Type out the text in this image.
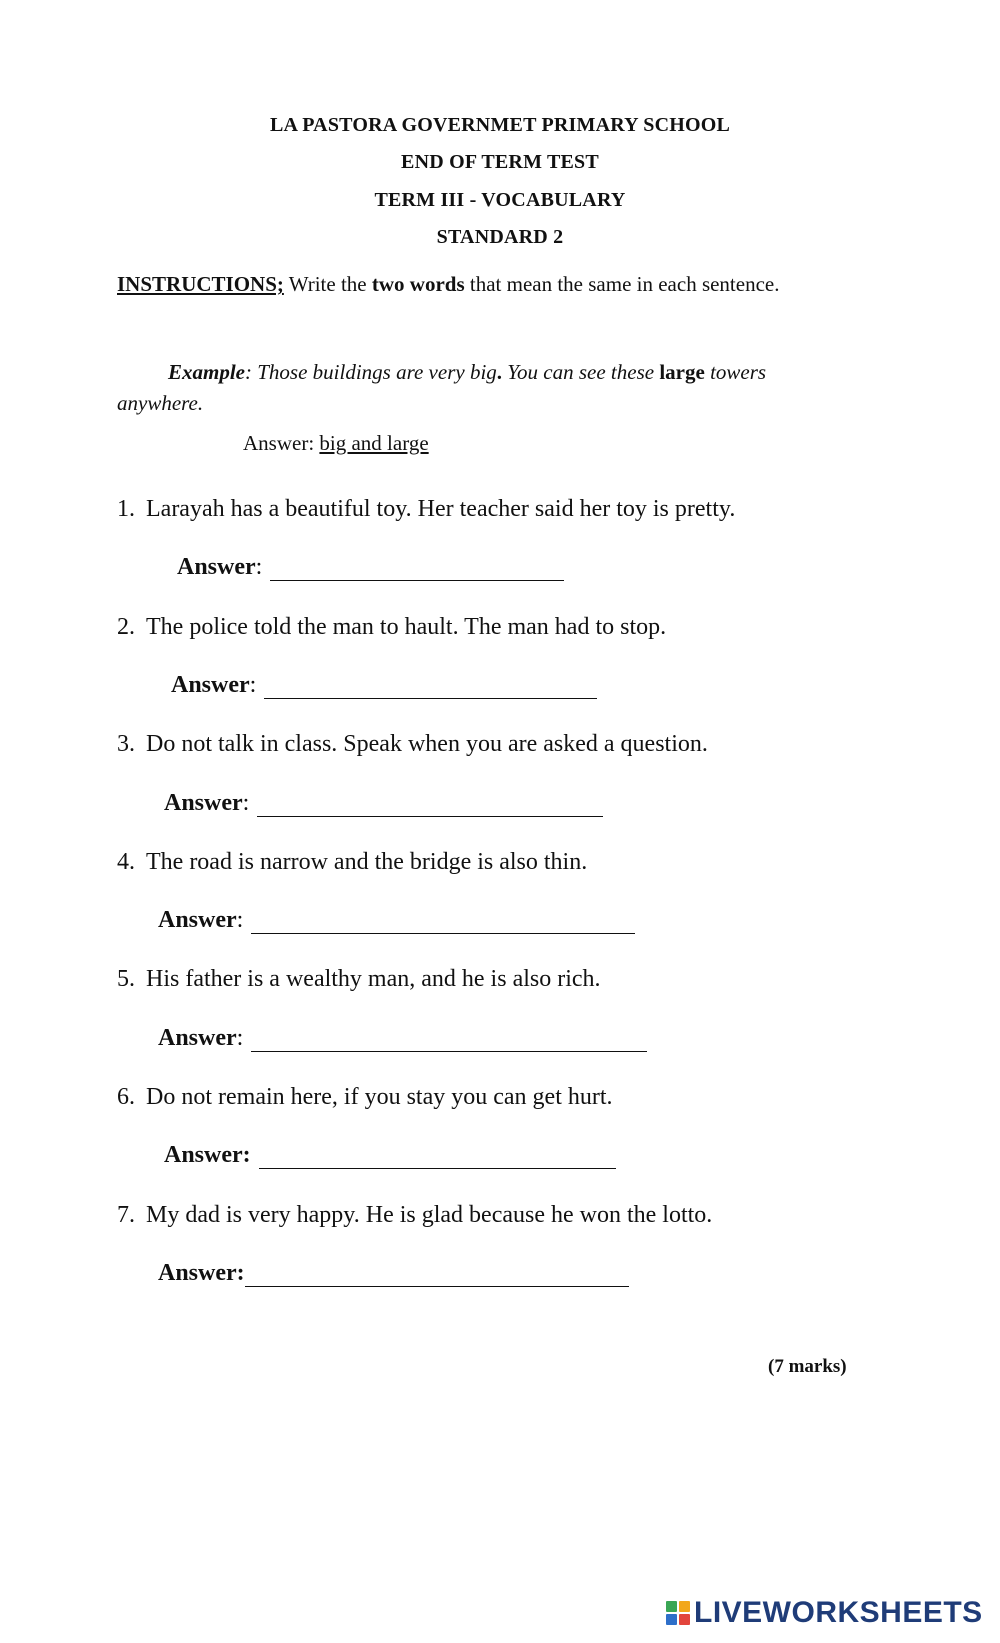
LA PASTORA GOVERNMET PRIMARY SCHOOL
END OF TERM TEST
TERM III - VOCABULARY
STANDARD 2
INSTRUCTIONS; Write the two words that mean the same in each sentence.
Example: Those buildings are very big. You can see these large towers anywhere.
Answer: big and large
1. Larayah has a beautiful toy. Her teacher said her toy is pretty.
Answer :
2. The police told the man to hault. The man had to stop.
Answer :
3. Do not talk in class. Speak when you are asked a question.
Answer :
4. The road is narrow and the bridge is also thin.
Answer :
5. His father is a wealthy man, and he is also rich.
Answer :
6. Do not remain here, if you stay you can get hurt.
Answer:
7. My dad is very happy. He is glad because he won the lotto.
Answer:
(7 marks)
LIVEWORKSHEETS
